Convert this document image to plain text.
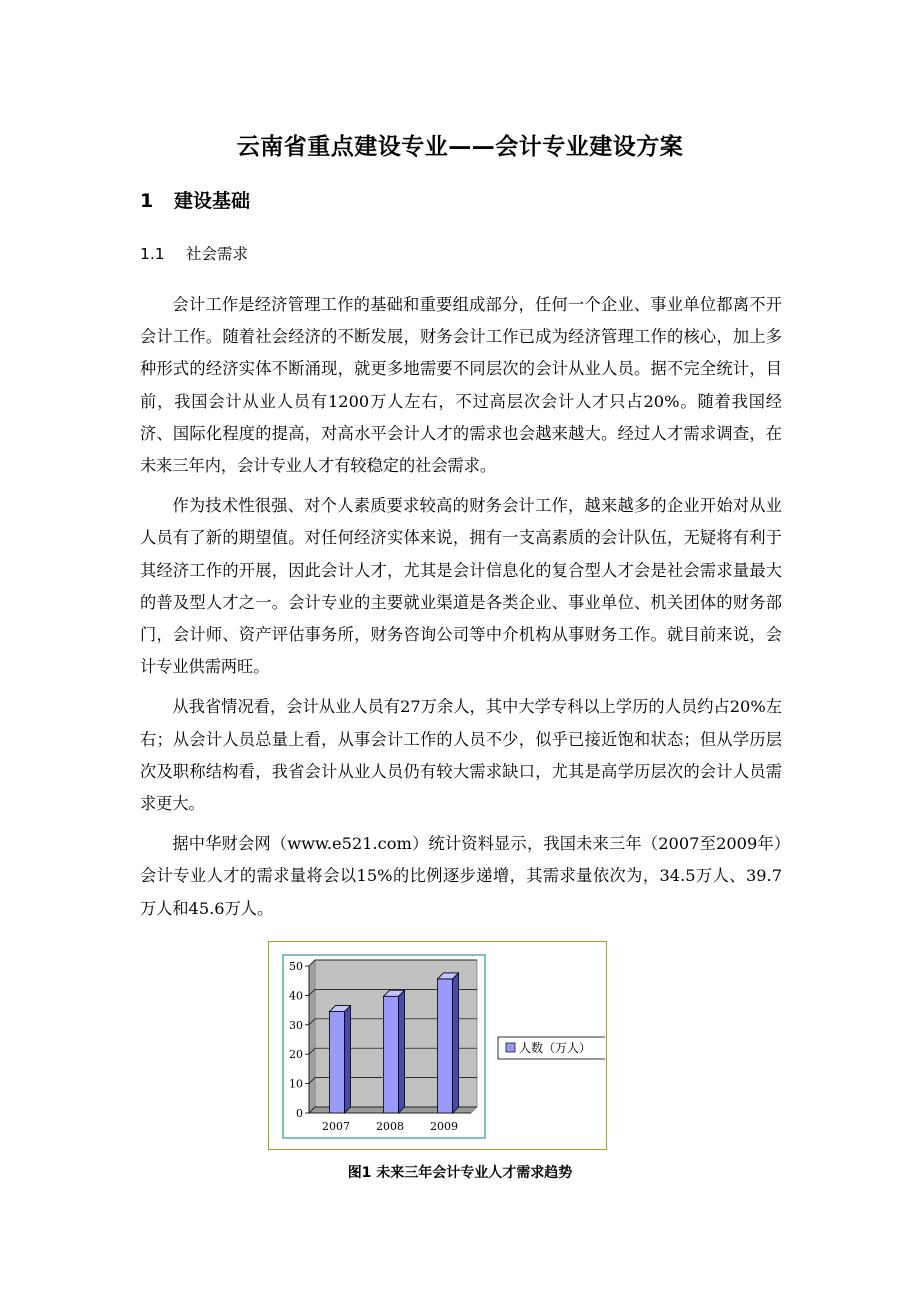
云南省重点建设专业——会计专业建设方案
1 建设基础
1.1 社会需求

会计工作是经济管理工作的基础和重要组成部分，任何一个企业、事业单位都离不开会计工作。随着社会经济的不断发展，财务会计工作已成为经济管理工作的核心，加上多种形式的经济实体不断涌现，就更多地需要不同层次的会计从业人员。据不完全统计，目前，我国会计从业人员有1200万人左右，不过高层次会计人才只占20%。随着我国经济、国际化程度的提高，对高水平会计人才的需求也会越来越大。经过人才需求调查，在未来三年内，会计专业人才有较稳定的社会需求。

作为技术性很强、对个人素质要求较高的财务会计工作，越来越多的企业开始对从业人员有了新的期望值。对任何经济实体来说，拥有一支高素质的会计队伍，无疑将有利于其经济工作的开展，因此会计人才，尤其是会计信息化的复合型人才会是社会需求量最大的普及型人才之一。会计专业的主要就业渠道是各类企业、事业单位、机关团体的财务部门，会计师、资产评估事务所，财务咨询公司等中介机构从事财务工作。就目前来说，会计专业供需两旺。

从我省情况看，会计从业人员有27万余人，其中大学专科以上学历的人员约占20%左右；从会计人员总量上看，从事会计工作的人员不少，似乎已接近饱和状态；但从学历层次及职称结构看，我省会计从业人员仍有较大需求缺口，尤其是高学历层次的会计人员需求更大。

据中华财会网（www.e521.com）统计资料显示，我国未来三年（2007至2009年）会计专业人才的需求量将会以15%的比例逐步递增，其需求量依次为，34.5万人、39.7万人和45.6万人。

0
10
20
30
40
50
2007 2008 2009
人数（万人）
图1 未来三年会计专业人才需求趋势
